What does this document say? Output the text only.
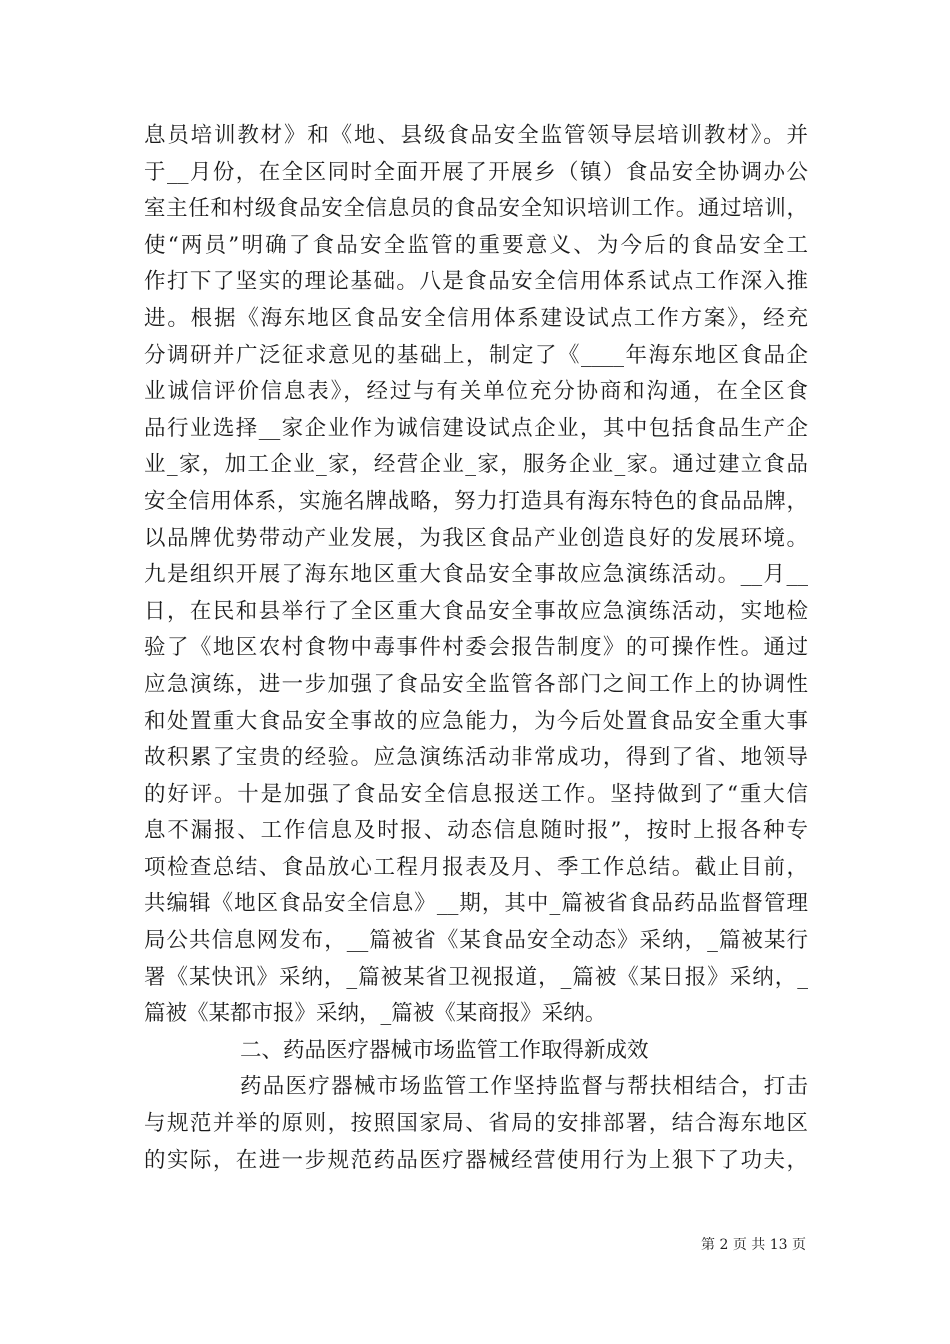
息员培训教材》和《地、县级食品安全监管领导层培训教材》。并
于__月份，在全区同时全面开展了开展乡（镇）食品安全协调办公
室主任和村级食品安全信息员的食品安全知识培训工作。通过培训，
使“两员”明确了食品安全监管的重要意义、为今后的食品安全工
作打下了坚实的理论基础。八是食品安全信用体系试点工作深入推
进。根据《海东地区食品安全信用体系建设试点工作方案》，经充
分调研并广泛征求意见的基础上，制定了《____年海东地区食品企
业诚信评价信息表》，经过与有关单位充分协商和沟通，在全区食
品行业选择__家企业作为诚信建设试点企业，其中包括食品生产企
业_家，加工企业_家，经营企业_家，服务企业_家。通过建立食品
安全信用体系，实施名牌战略，努力打造具有海东特色的食品品牌，
以品牌优势带动产业发展，为我区食品产业创造良好的发展环境。
九是组织开展了海东地区重大食品安全事故应急演练活动。__月__
日，在民和县举行了全区重大食品安全事故应急演练活动，实地检
验了《地区农村食物中毒事件村委会报告制度》的可操作性。通过
应急演练，进一步加强了食品安全监管各部门之间工作上的协调性
和处置重大食品安全事故的应急能力，为今后处置食品安全重大事
故积累了宝贵的经验。应急演练活动非常成功，得到了省、地领导
的好评。十是加强了食品安全信息报送工作。坚持做到了“重大信
息不漏报、工作信息及时报、动态信息随时报”，按时上报各种专
项检查总结、食品放心工程月报表及月、季工作总结。截止目前，
共编辑《地区食品安全信息》__期，其中_篇被省食品药品监督管理
局公共信息网发布，__篇被省《某食品安全动态》采纳，_篇被某行
署《某快讯》采纳，_篇被某省卫视报道，_篇被《某日报》采纳，_
篇被《某都市报》采纳，_篇被《某商报》采纳。
二、药品医疗器械市场监管工作取得新成效
药品医疗器械市场监管工作坚持监督与帮扶相结合，打击
与规范并举的原则，按照国家局、省局的安排部署，结合海东地区
的实际，在进一步规范药品医疗器械经营使用行为上狠下了功夫，
第 2 页 共 13 页
